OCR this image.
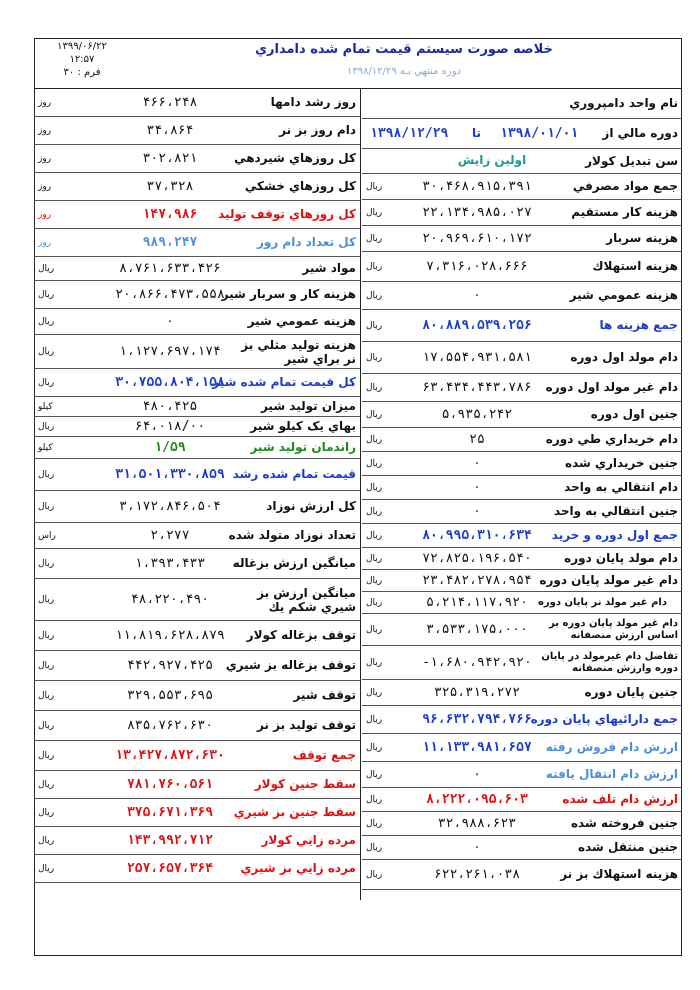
۱۳۹۹/۰۶/۲۲
۱۲:۵۷
فرم : ۳۰
خلاصه صورت سيستم قيمت تمام شده دامداري
دوره منتهي بـه ۱۳۹۸/۱۲/۲۹
نام واحد دامپروري
دوره مالي از
۱۳۹۸/۰۱/۰۱
تا
۱۳۹۸/۱۲/۲۹
سن تبديل كولار
اولين زايش
جمع مواد مصرفي
۳۰،۴۶۸،۹۱۵،۳۹۱
ريال
هزينه كار مستقيم
۲۲،۱۳۴،۹۸۵،۰۲۷
ريال
هزينه سربار
۲۰،۹۶۹،۶۱۰،۱۷۲
ريال
هزينه استهلاك
۷،۳۱۶،۰۲۸،۶۶۶
ريال
هزينه عمومي شير
۰
ريال
جمع هزينه ها
۸۰،۸۸۹،۵۳۹،۲۵۶
ريال
دام مولد اول دوره
۱۷،۵۵۴،۹۳۱،۵۸۱
ريال
دام غير مولد اول دوره
۶۳،۴۳۴،۴۴۳،۷۸۶
ريال
جنين اول دوره
۵،۹۳۵،۲۴۲
ريال
دام خريداري طي دوره
۲۵
ريال
جنين خريداري شده
۰
ريال
دام انتقالي به واحد
۰
ريال
جنين انتقالي به واحد
۰
ريال
جمع اول دوره و خريد
۸۰،۹۹۵،۳۱۰،۶۳۴
ريال
دام مولد پايان دوره
۷۲،۸۲۵،۱۹۶،۵۴۰
ريال
دام غير مولد پايان دوره
۲۳،۴۸۲،۲۷۸،۹۵۴
ريال
دام غير مولد نر پايان دوره
۵،۲۱۴،۱۱۷،۹۲۰
ريال
دام غير مولد پايان دوره بر اساس ارزش منصفانه
۳،۵۳۳،۱۷۵،۰۰۰
ريال
تفاضل دام غيرمولد در پايان دوره وارزش منصفانه
-۱،۶۸۰،۹۴۲،۹۲۰
ريال
جنين پايان دوره
۳۲۵،۳۱۹،۲۷۲
ريال
جمع دارائيهاي پايان دوره
۹۶،۶۳۲،۷۹۴،۷۶۶
ريال
ارزش دام فروش رفته
۱۱،۱۳۳،۹۸۱،۶۵۷
ريال
ارزش دام انتقال يافته
۰
ريال
ارزش دام تلف شده
۸،۲۲۲،۰۹۵،۶۰۳
ريال
جنين فروخته شده
۳۲،۹۸۸،۶۲۳
ريال
جنين منتقل شده
۰
ريال
هزينه استهلاك بز نر
۶۲۲،۲۶۱،۰۳۸
ريال
روز رشد دامها
۴۶۶،۲۴۸
روز
دام روز بز نر
۳۴،۸۶۴
روز
كل روزهاي شيردهي
۳۰۲،۸۲۱
روز
كل روزهاي خشكي
۳۷،۳۲۸
روز
كل روزهاي توقف توليد
۱۴۷،۹۸۶
روز
كل تعداد دام روز
۹۸۹،۲۴۷
روز
مواد شير
۸،۷۶۱،۶۳۳،۴۲۶
ريال
هزينه كار و سربار شير
۲۰،۸۶۶،۴۷۳،۵۵۸
ريال
هزينه عمومي شير
۰
ريال
هزينه توليد مثلي بز نر براي شير
۱،۱۲۷،۶۹۷،۱۷۴
ريال
كل قيمت تمام شده شير
۳۰،۷۵۵،۸۰۴،۱۵۸
ريال
ميزان توليد شير
۴۸۰،۴۲۵
كيلو
بهاي يک كيلو شير
۶۴،۰۱۸/۰۰
ريال
راندمان توليد شير
۱/۵۹
كيلو
قيمت تمام شده رشد
۳۱،۵۰۱،۳۳۰،۸۵۹
ريال
كل ارزش نوزاد
۳،۱۷۲،۸۴۶،۵۰۴
ريال
تعداد نوزاد متولد شده
۲،۲۷۷
راس
ميانگين ارزش بزغاله
۱،۳۹۳،۴۳۳
ريال
ميانگين ارزش بز شيري شكم يك
۴۸،۲۲۰،۴۹۰
ريال
توقف بزغاله كولار
۱۱،۸۱۹،۶۲۸،۸۷۹
ريال
توقف بزغاله بز شيري
۴۴۲،۹۲۷،۴۲۵
ريال
توقف شير
۳۲۹،۵۵۳،۶۹۵
ريال
توقف توليد بز نر
۸۳۵،۷۶۲،۶۳۰
ريال
جمع توقف
۱۳،۴۲۷،۸۷۲،۶۳۰
ريال
سقط جنين كولار
۷۸۱،۷۶۰،۵۶۱
ريال
سقط جنين بز شيري
۳۷۵،۶۷۱،۳۶۹
ريال
مرده زايي كولار
۱۴۳،۹۹۲،۷۱۲
ريال
مرده زايي بز شيري
۲۵۷،۶۵۷،۳۶۴
ريال
